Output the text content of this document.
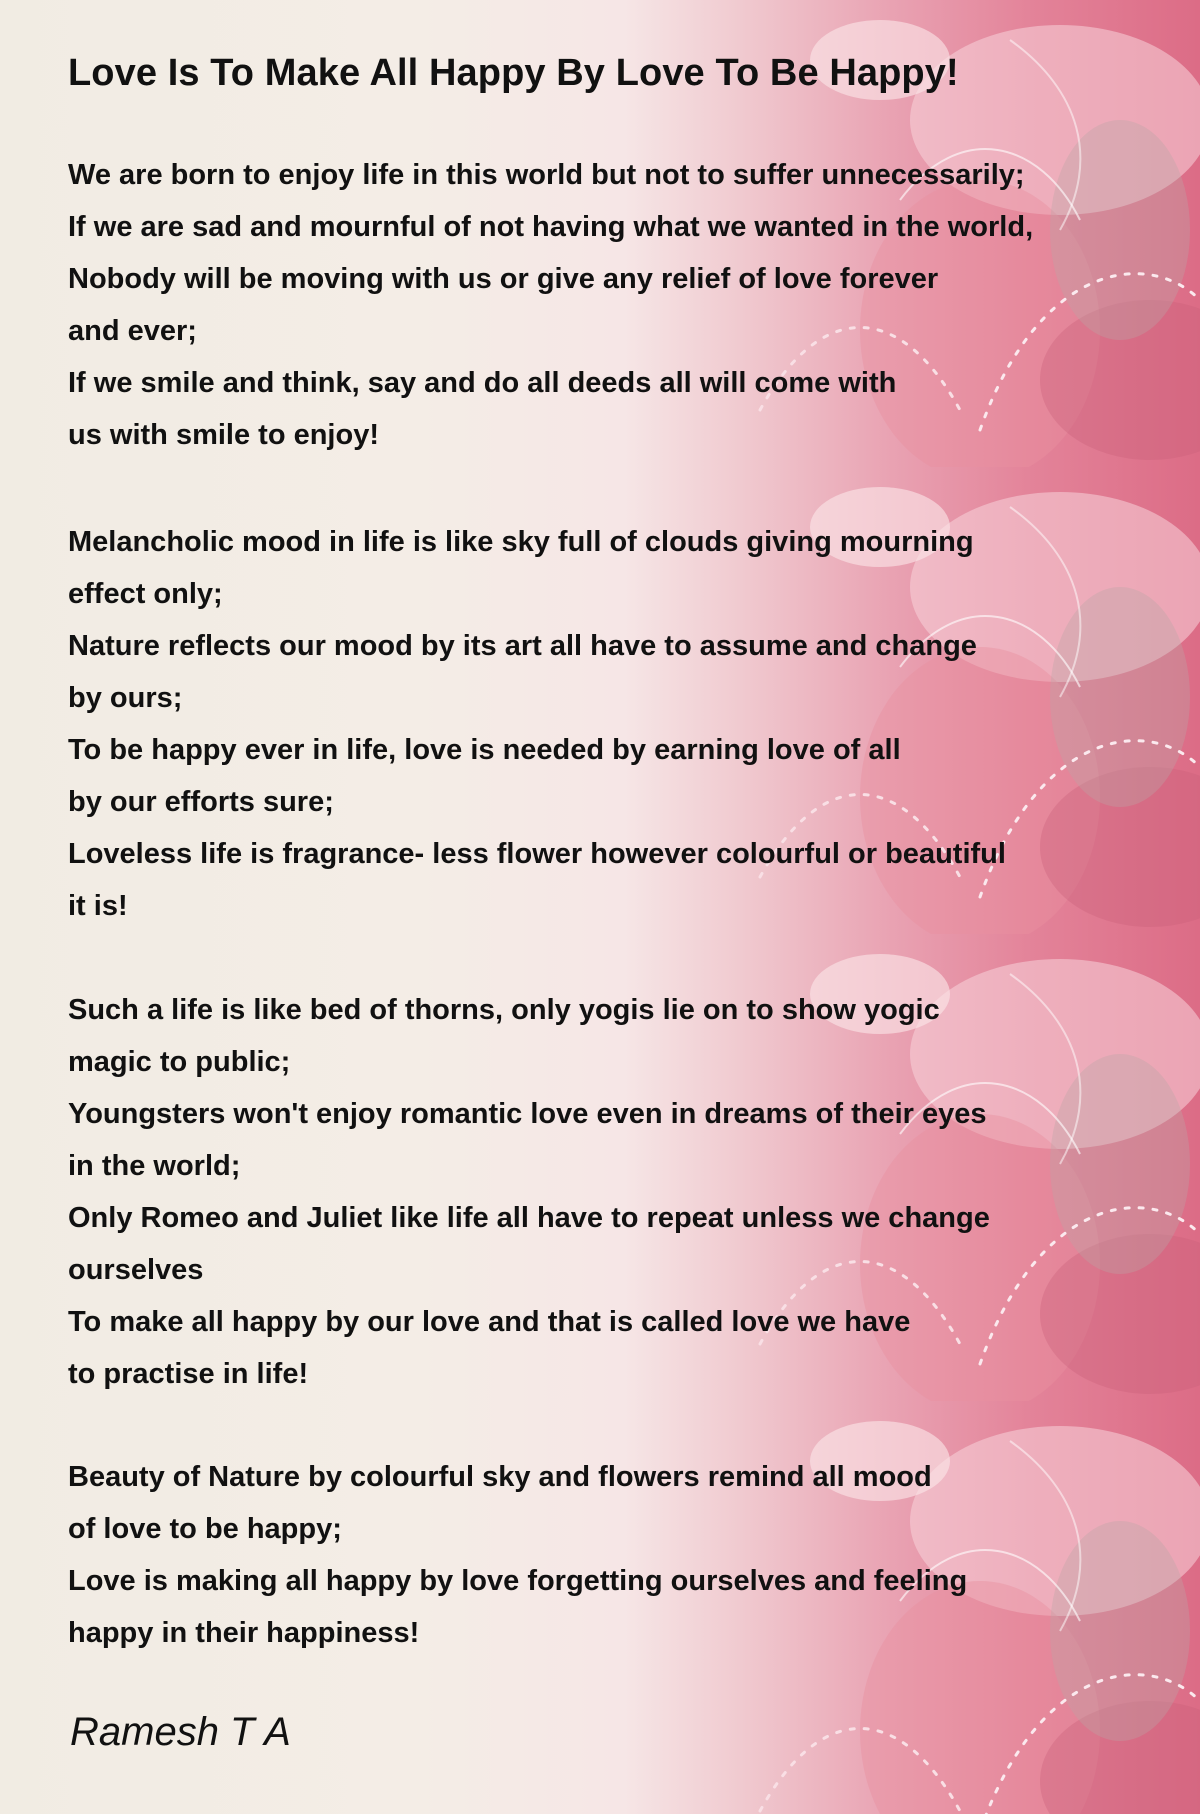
Love Is To Make All Happy By Love To Be Happy!

We are born to enjoy life in this world but not to suffer unnecessarily;
If we are sad and mournful of not having what we wanted in the world,
Nobody will be moving with us or give any relief of love forever
and ever;
If we smile and think, say and do all deeds all will come with
us with smile to enjoy!

Melancholic mood in life is like sky full of clouds giving mourning
effect only;
Nature reflects our mood by its art all have to assume and change
by ours;
To be happy ever in life, love is needed by earning love of all
by our efforts sure;
Loveless life is fragrance- less flower however colourful or beautiful
it is!

Such a life is like bed of thorns, only yogis lie on to show yogic
magic to public;
Youngsters won't enjoy romantic love even in dreams of their eyes
in the world;
Only Romeo and Juliet like life all have to repeat unless we change
ourselves
To make all happy by our love and that is called love we have
to practise in life!

Beauty of Nature by colourful sky and flowers remind all mood
of love to be happy;
Love is making all happy by love forgetting ourselves and feeling
happy in their happiness!

Ramesh T A
